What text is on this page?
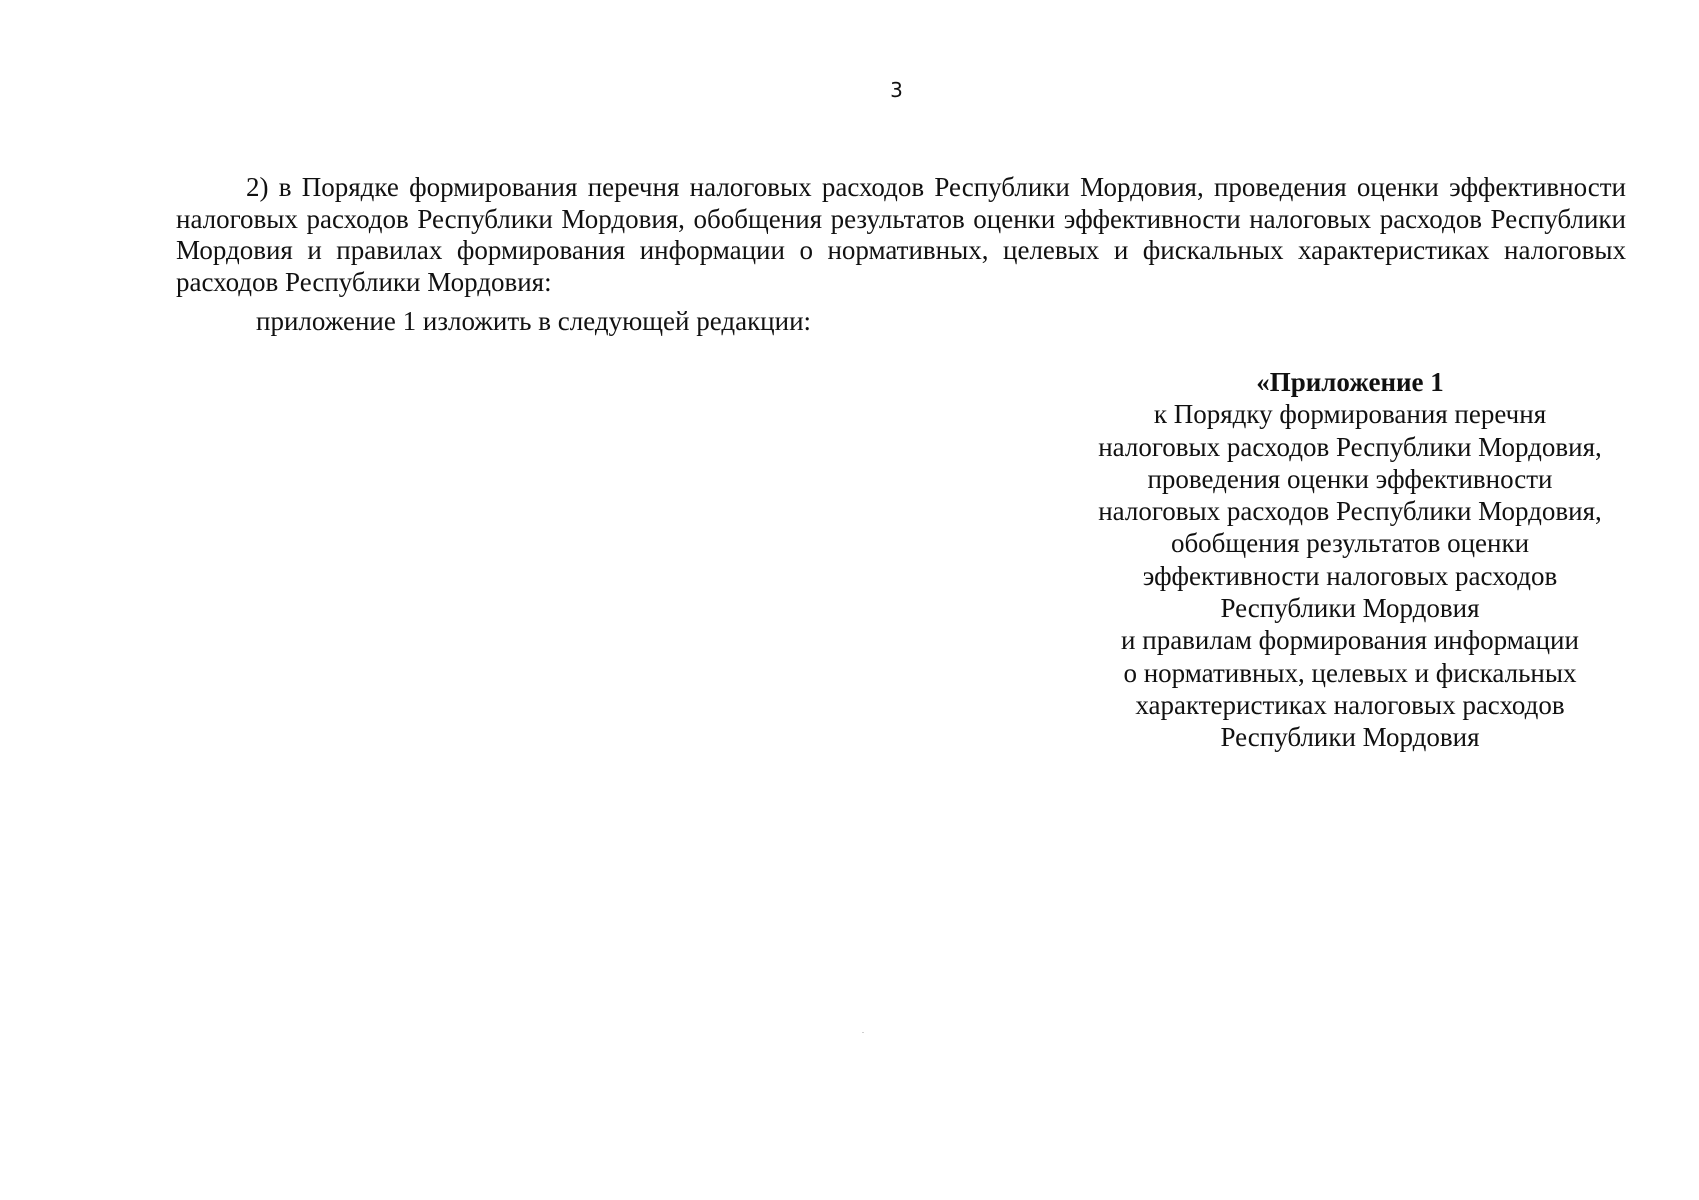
3

2) в Порядке формирования перечня налоговых расходов Республики Мордовия, проведения оценки эффективности налоговых расходов Республики Мордовия, обобщения результатов оценки эффективности налоговых расходов Республики Мордовия и правилах формирования информации о нормативных, целевых и фискальных характеристиках налоговых расходов Республики Мордовия:

приложение 1 изложить в следующей редакции:

«Приложение 1
к Порядку формирования перечня
налоговых расходов Республики Мордовия,
проведения оценки эффективности
налоговых расходов Республики Мордовия,
обобщения результатов оценки
эффективности налоговых расходов
Республики Мордовия
и правилам формирования информации
о нормативных, целевых и фискальных
характеристиках налоговых расходов
Республики Мордовия
